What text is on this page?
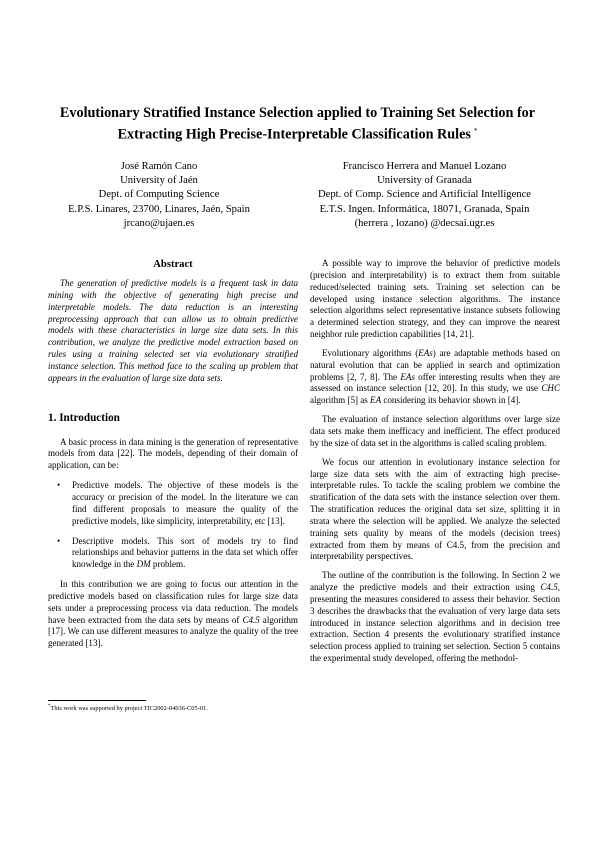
Evolutionary Stratified Instance Selection applied to Training Set Selection for
Extracting High Precise-Interpretable Classification Rules *
José Ramón Cano
University of Jaén
Dept. of Computing Science
E.P.S. Linares, 23700, Linares, Jaén, Spain
jrcano@ujaen.es
Francisco Herrera and Manuel Lozano
University of Granada
Dept. of Comp. Science and Artificial Intelligence
E.T.S. Ingen. Informática, 18071, Granada, Spain
(herrera , lozano) @decsai.ugr.es
Abstract

The generation of predictive models is a frequent task in data mining with the objective of generating high precise and interpretable models. The data reduction is an interesting preprocessing approach that can allow us to obtain predictive models with these characteristics in large size data sets. In this contribution, we analyze the predictive model extraction based on rules using a training selected set via evolutionary stratified instance selection. This method face to the scaling up problem that appears in the evaluation of large size data sets.

1. Introduction

A basic process in data mining is the generation of representative models from data [22]. The models, depending of their domain of application, can be:

• Predictive models. The objective of these models is the accuracy or precision of the model. In the literature we can find different proposals to measure the quality of the predictive models, like simplicity, interpretability, etc [13].
• Descriptive models. This sort of models try to find relationships and behavior patterns in the data set which offer knowledge in the DM problem.

In this contribution we are going to focus our attention in the predictive models based on classification rules for large size data sets under a preprocessing process via data reduction. The models have been extracted from the data sets by means of C4.5 algorithm [17]. We can use different measures to analyze the quality of the tree generated [13].

A possible way to improve the behavior of predictive models (precision and interpretability) is to extract them from suitable reduced/selected training sets. Training set selection can be developed using instance selection algorithms. The instance selection algorithms select representative instance subsets following a determined selection strategy, and they can improve the nearest neighbor rule prediction capabilities [14, 21].

Evolutionary algorithms (EAs) are adaptable methods based on natural evolution that can be applied in search and optimization problems [2, 7, 8]. The EAs offer interesting results when they are assessed on instance selection [12, 20]. In this study, we use CHC algorithm [5] as EA considering its behavior shown in [4].

The evaluation of instance selection algorithms over large size data sets make them inefficacy and inefficient. The effect produced by the size of data set in the algorithms is called scaling problem.

We focus our attention in evolutionary instance selection for large size data sets with the aim of extracting high precise-interpretable rules. To tackle the scaling problem we combine the stratification of the data sets with the instance selection over them. The stratification reduces the original data set size, splitting it in strata where the selection will be applied. We analyze the selected training sets quality by means of the models (decision trees) extracted from them by means of C4.5, from the precision and interpretability perspectives.

The outline of the contribution is the following. In Section 2 we analyze the predictive models and their extraction using C4.5, presenting the measures considered to assess their behavior. Section 3 describes the drawbacks that the evaluation of very large data sets introduced in instance selection algorithms and in decision tree extraction. Section 4 presents the evolutionary stratified instance selection process applied to training set selection. Section 5 contains the experimental study developed, offering the methodol-

*This work was supported by project TIC2002-04036-C05-01.
